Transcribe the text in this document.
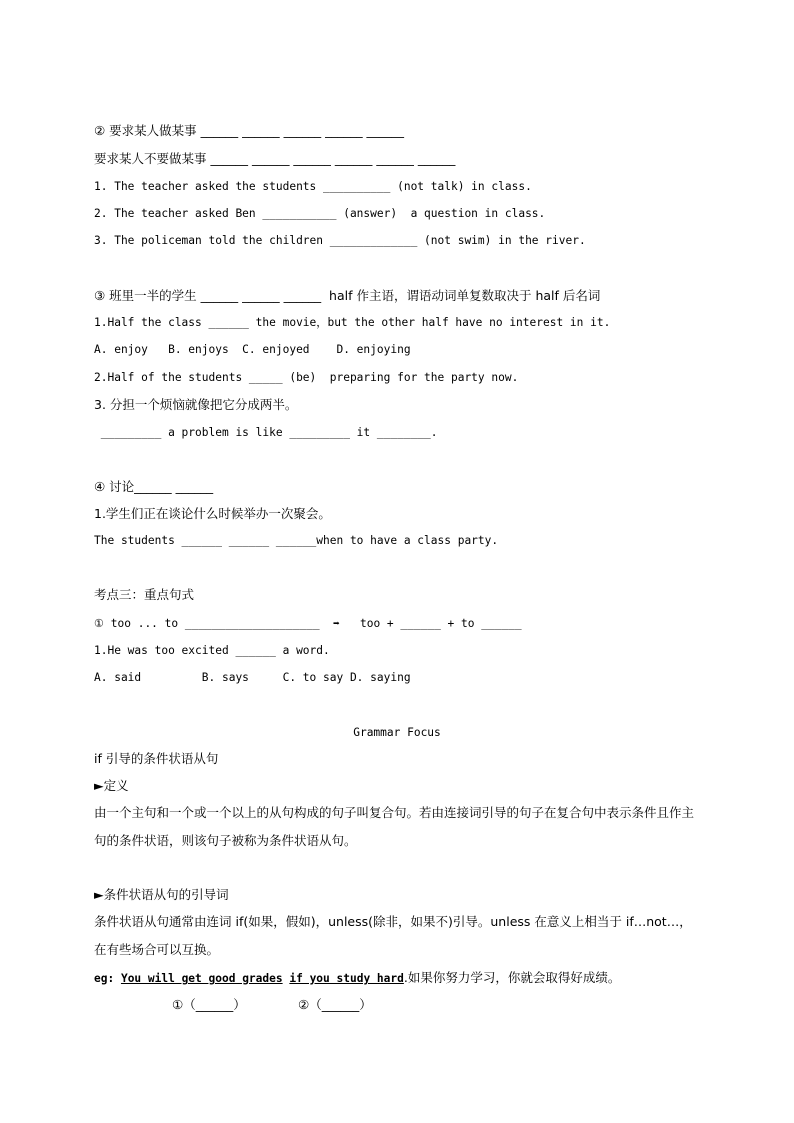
② 要求某人做某事 ______ ______ ______ ______ ______
要求某人不要做某事 ______ ______ ______ ______ ______ ______
1. The teacher asked the students __________ (not talk) in class.
2. The teacher asked Ben ___________ (answer)  a question in class.
3. The policeman told the children _____________ (not swim) in the river.
③ 班里一半的学生 ______ ______ ______  half 作主语，谓语动词单复数取决于 half 后名词
1.Half the class ______ the movie，but the other half have no interest in it.
A. enjoy   B. enjoys  C. enjoyed    D. enjoying
2.Half of the students _____ (be)  preparing for the party now.
3. 分担一个烦恼就像把它分成两半。
_________ a problem is like _________ it ________.
④ 讨论______ ______
1.学生们正在谈论什么时候举办一次聚会。
The students ______ ______ ______when to have a class party.
考点三：重点句式
① too ... to ____________________  ➡   too + ______ + to ______
1.He was too excited ______ a word.
A. said         B. says     C. to say D. saying
Grammar Focus
if 引导的条件状语从句
►定义
由一个主句和一个或一个以上的从句构成的句子叫复合句。若由连接词引导的句子在复合句中表示条件且作主句的条件状语，则该句子被称为条件状语从句。
►条件状语从句的引导词
条件状语从句通常由连词 if(如果，假如)，unless(除非，如果不)引导。unless 在意义上相当于 if…not…，在有些场合可以互换。
eg: You will get good grades if you study hard.如果你努力学习，你就会取得好成绩。
①（______）	②（______）
